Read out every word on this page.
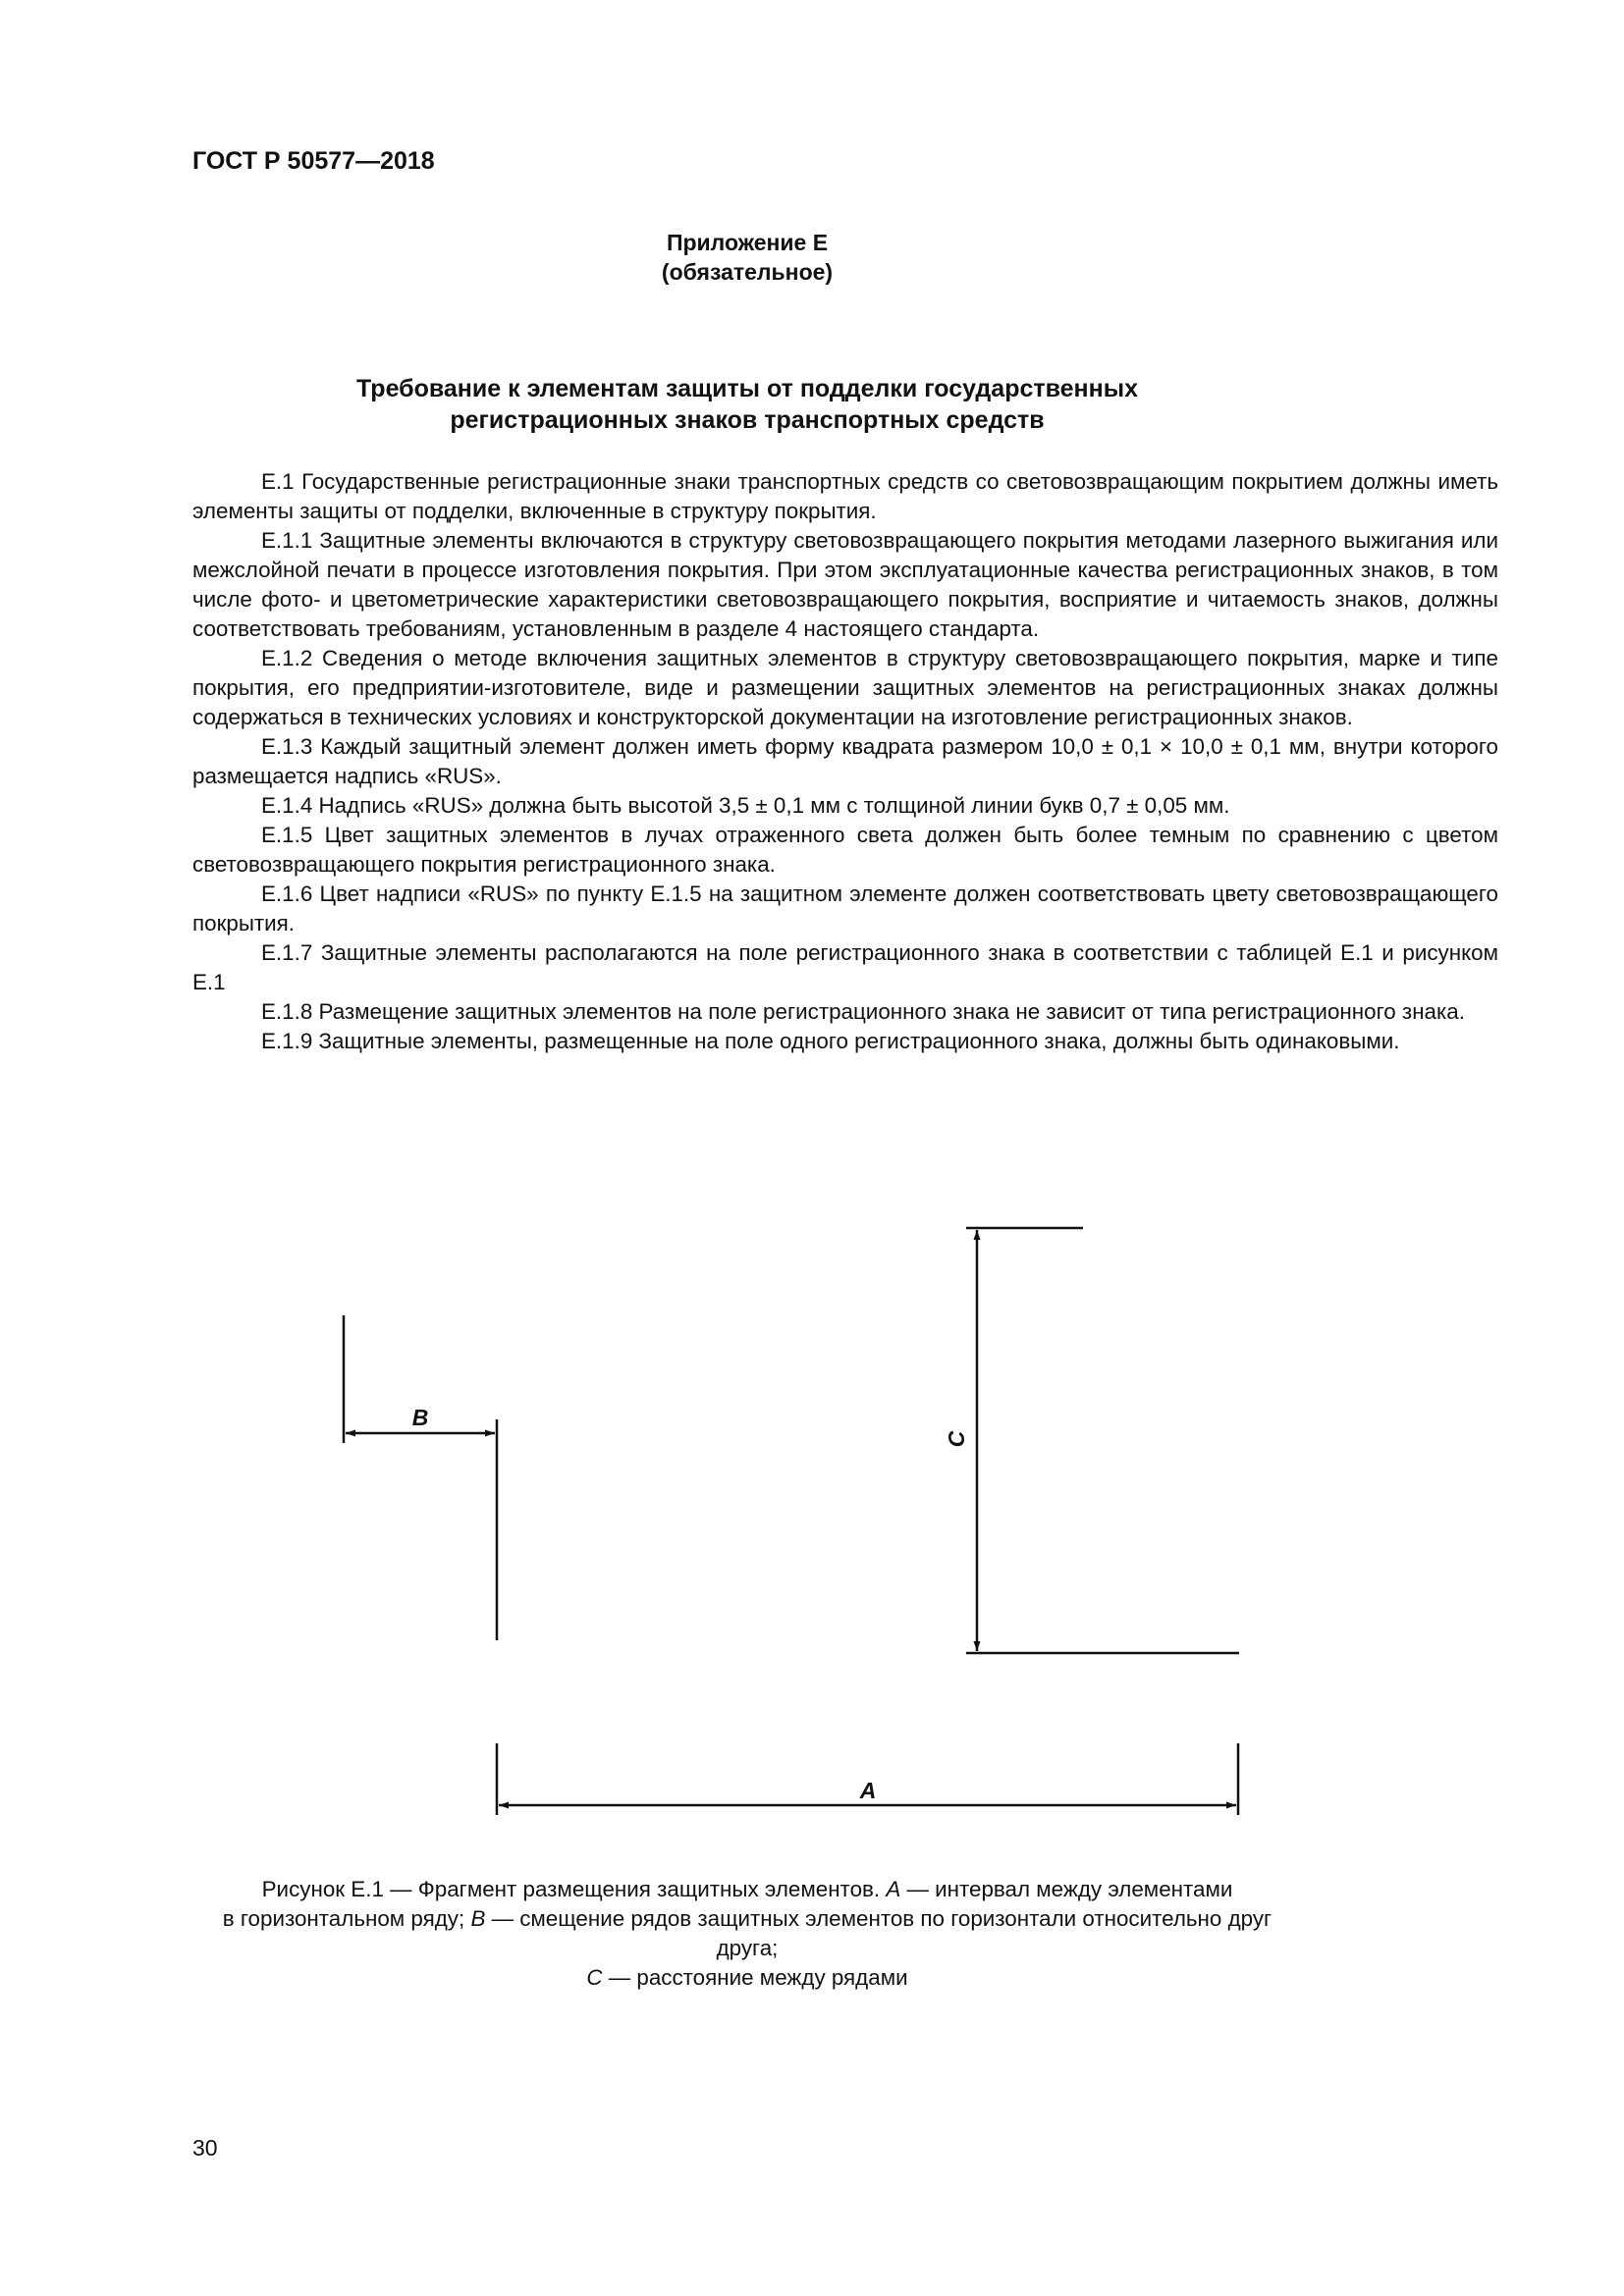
ГОСТ Р 50577—2018
Приложение Е
(обязательное)
Требование к элементам защиты от подделки государственных
регистрационных знаков транспортных средств

Е.1 Государственные регистрационные знаки транспортных средств со световозвращающим покрытием должны иметь элементы защиты от подделки, включенные в структуру покрытия.

Е.1.1 Защитные элементы включаются в структуру световозвращающего покрытия методами лазерного выжигания или межслойной печати в процессе изготовления покрытия. При этом эксплуатационные качества регистрационных знаков, в том числе фото- и цветометрические характеристики световозвращающего покрытия, восприятие и читаемость знаков, должны соответствовать требованиям, установленным в разделе 4 настоящего стандарта.

Е.1.2 Сведения о методе включения защитных элементов в структуру световозвращающего покрытия, марке и типе покрытия, его предприятии-изготовителе, виде и размещении защитных элементов на регистрационных знаках должны содержаться в технических условиях и конструкторской документации на изготовление регистрационных знаков.

Е.1.3 Каждый защитный элемент должен иметь форму квадрата размером 10,0 ± 0,1 × 10,0 ± 0,1 мм, внутри которого размещается надпись «RUS».

Е.1.4 Надпись «RUS» должна быть высотой 3,5 ± 0,1 мм с толщиной линии букв 0,7 ± 0,05 мм.

Е.1.5 Цвет защитных элементов в лучах отраженного света должен быть более темным по сравнению с цветом световозвращающего покрытия регистрационного знака.

Е.1.6 Цвет надписи «RUS» по пункту Е.1.5 на защитном элементе должен соответствовать цвету световозвращающего покрытия.

Е.1.7 Защитные элементы располагаются на поле регистрационного знака в соответствии с таблицей Е.1 и рисунком Е.1

Е.1.8 Размещение защитных элементов на поле регистрационного знака не зависит от типа регистрационного знака.

Е.1.9 Защитные элементы, размещенные на поле одного регистрационного знака, должны быть одинаковыми.

B
A
C
Рисунок Е.1 — Фрагмент размещения защитных элементов. A — интервал между элементами
в горизонтальном ряду; B — смещение рядов защитных элементов по горизонтали относительно друг друга;
C — расстояние между рядами
30
